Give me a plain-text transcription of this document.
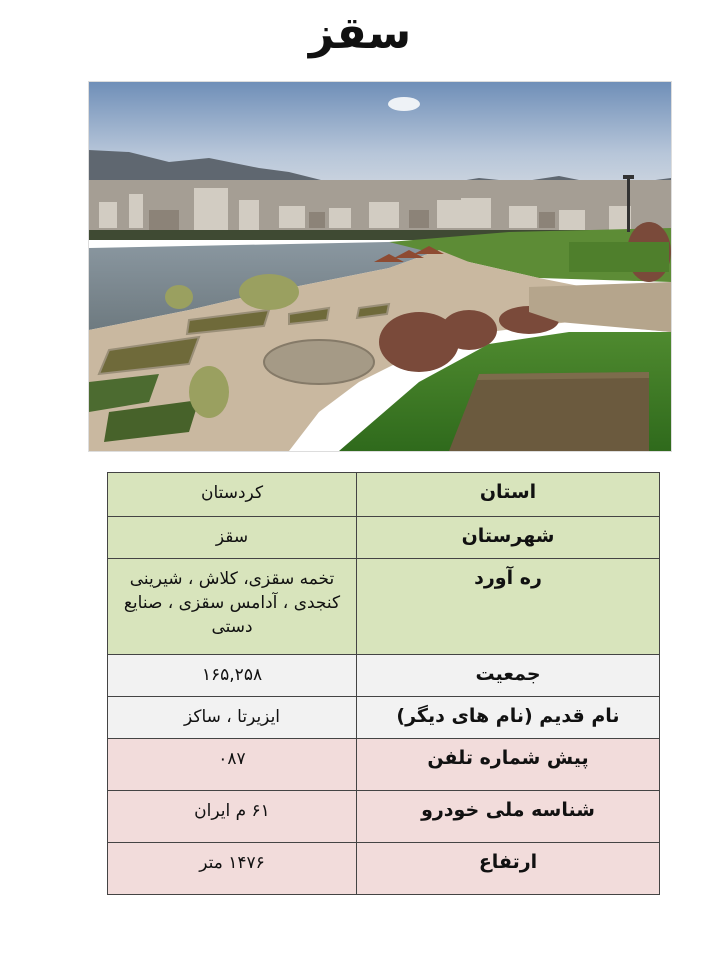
سقز
استان	کردستان
شهرستان	سقز
ره آورد	تخمه سقزی، کلاش ، شیرینی کنجدی ، آدامس سقزی ، صنایع دستی
جمعیت	۱۶۵,۲۵۸
نام قدیم (نام های دیگر)	ایزیرتا ، ساکز
پیش شماره تلفن	۰۸۷
شناسه ملی خودرو	۶۱ م ایران
ارتفاع	۱۴۷۶ متر
